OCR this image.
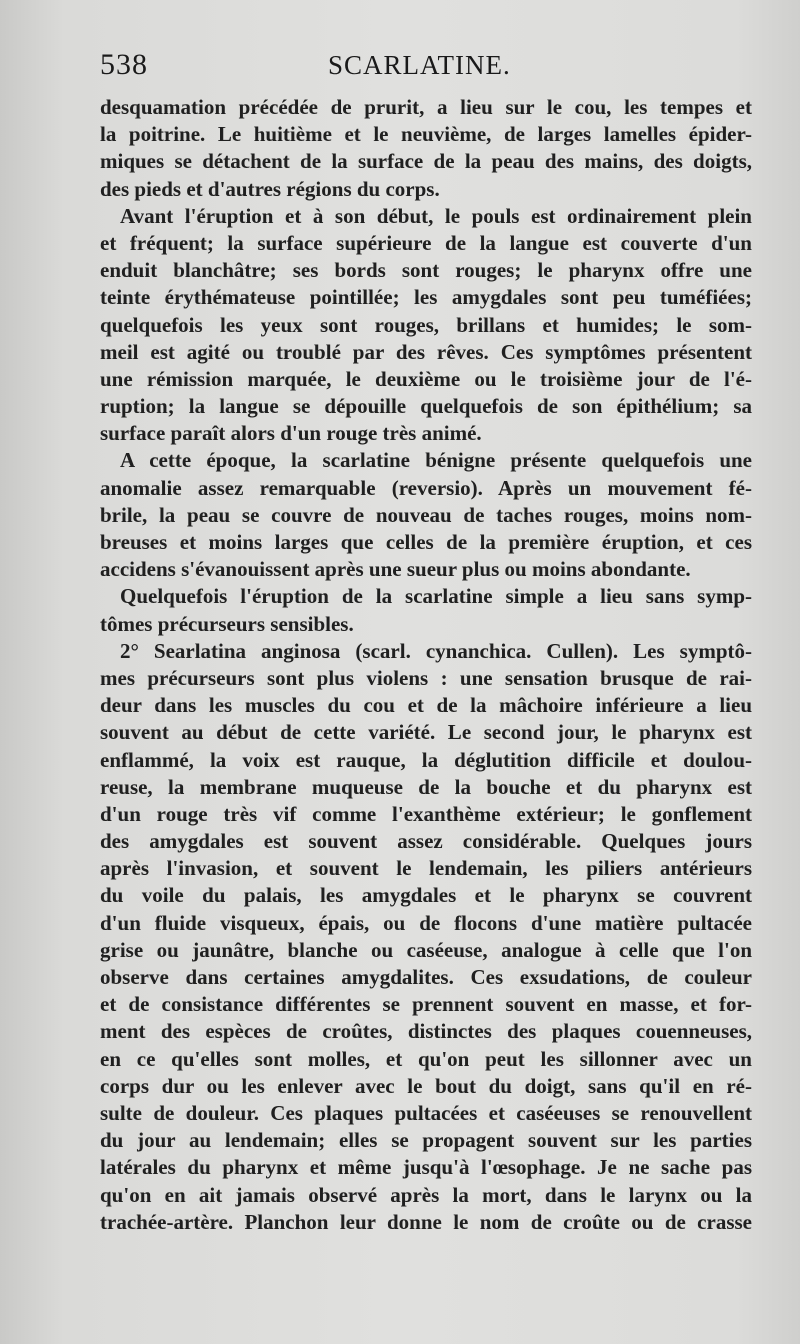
538	SCARLATINE.
desquamation précédée de prurit, a lieu sur le cou, les tempes et
la poitrine. Le huitième et le neuvième, de larges lamelles épider-
miques se détachent de la surface de la peau des mains, des doigts,
des pieds et d'autres régions du corps.
Avant l'éruption et à son début, le pouls est ordinairement plein
et fréquent; la surface supérieure de la langue est couverte d'un
enduit blanchâtre; ses bords sont rouges; le pharynx offre une
teinte érythémateuse pointillée; les amygdales sont peu tuméfiées;
quelquefois les yeux sont rouges, brillans et humides; le som-
meil est agité ou troublé par des rêves. Ces symptômes présentent
une rémission marquée, le deuxième ou le troisième jour de l'é-
ruption; la langue se dépouille quelquefois de son épithélium; sa
surface paraît alors d'un rouge très animé.
A cette époque, la scarlatine bénigne présente quelquefois une
anomalie assez remarquable (reversio). Après un mouvement fé-
brile, la peau se couvre de nouveau de taches rouges, moins nom-
breuses et moins larges que celles de la première éruption, et ces
accidens s'évanouissent après une sueur plus ou moins abondante.
Quelquefois l'éruption de la scarlatine simple a lieu sans symp-
tômes précurseurs sensibles.
2° Searlatina anginosa (scarl. cynanchica. Cullen). Les symptô-
mes précurseurs sont plus violens : une sensation brusque de rai-
deur dans les muscles du cou et de la mâchoire inférieure a lieu
souvent au début de cette variété. Le second jour, le pharynx est
enflammé, la voix est rauque, la déglutition difficile et doulou-
reuse, la membrane muqueuse de la bouche et du pharynx est
d'un rouge très vif comme l'exanthème extérieur; le gonflement
des amygdales est souvent assez considérable. Quelques jours
après l'invasion, et souvent le lendemain, les piliers antérieurs
du voile du palais, les amygdales et le pharynx se couvrent
d'un fluide visqueux, épais, ou de flocons d'une matière pultacée
grise ou jaunâtre, blanche ou caséeuse, analogue à celle que l'on
observe dans certaines amygdalites. Ces exsudations, de couleur
et de consistance différentes se prennent souvent en masse, et for-
ment des espèces de croûtes, distinctes des plaques couenneuses,
en ce qu'elles sont molles, et qu'on peut les sillonner avec un
corps dur ou les enlever avec le bout du doigt, sans qu'il en ré-
sulte de douleur. Ces plaques pultacées et caséeuses se renouvellent
du jour au lendemain; elles se propagent souvent sur les parties
latérales du pharynx et même jusqu'à l'œsophage. Je ne sache pas
qu'on en ait jamais observé après la mort, dans le larynx ou la
trachée-artère. Planchon leur donne le nom de croûte ou de crasse
